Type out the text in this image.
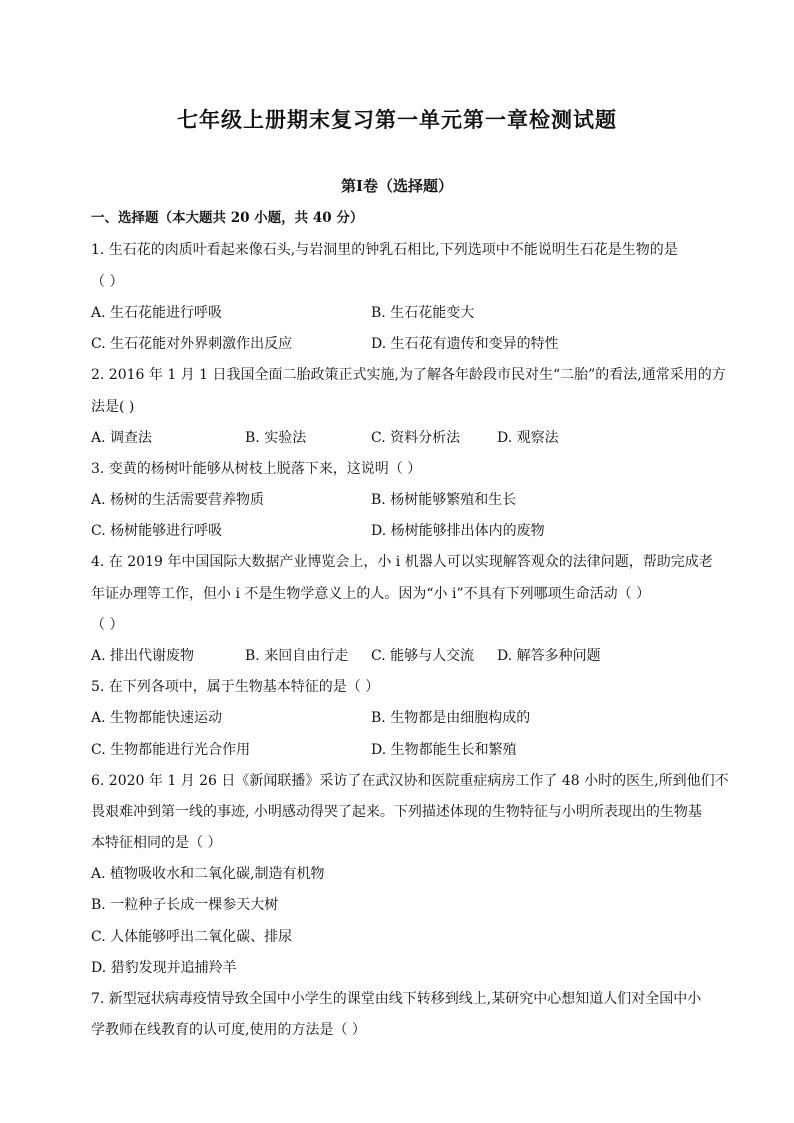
七年级上册期末复习第一单元第一章检测试题
第I卷（选择题）
一、选择题（本大题共 20 小题，共 40 分）
1. 生石花的肉质叶看起来像石头,与岩洞里的钟乳石相比,下列选项中不能说明生石花是生物的是
（ ）
A. 生石花能进行呼吸	B. 生石花能变大
C. 生石花能对外界刺激作出反应	D. 生石花有遗传和变异的特性
2. 2016 年 1 月 1 日我国全面二胎政策正式实施,为了解各年龄段市民对生“二胎”的看法,通常采用的方
法是( )
A. 调查法	B. 实验法	C. 资料分析法	D. 观察法
3. 变黄的杨树叶能够从树枝上脱落下来，这说明（ ）
A. 杨树的生活需要营养物质	B. 杨树能够繁殖和生长
C. 杨树能够进行呼吸	D. 杨树能够排出体内的废物
4. 在 2019 年中国国际大数据产业博览会上，小 i 机器人可以实现解答观众的法律问题，帮助完成老
年证办理等工作，但小 i 不是生物学意义上的人。因为“小 i”不具有下列哪项生命活动（ ）
（ ）
A. 排出代谢废物	B. 来回自由行走 C. 能够与人交流 D. 解答多种问题
5. 在下列各项中，属于生物基本特征的是（ ）
A. 生物都能快速运动	B. 生物都是由细胞构成的
C. 生物都能进行光合作用	D. 生物都能生长和繁殖
6. 2020 年 1 月 26 日《新闻联播》采访了在武汉协和医院重症病房工作了 48 小时的医生,所到他们不
畏艰难冲到第一线的事迹, 小明感动得哭了起来。下列描述体现的生物特征与小明所表现出的生物基
本特征相同的是（ ）
A. 植物吸收水和二氧化碳,制造有机物
B. 一粒种子长成一棵参天大树
C. 人体能够呼出二氧化碳、排尿
D. 猎豹发现并追捕羚羊
7. 新型冠状病毒疫情导致全国中小学生的课堂由线下转移到线上,某研究中心想知道人们对全国中小
学教师在线教育的认可度,使用的方法是（ ）
